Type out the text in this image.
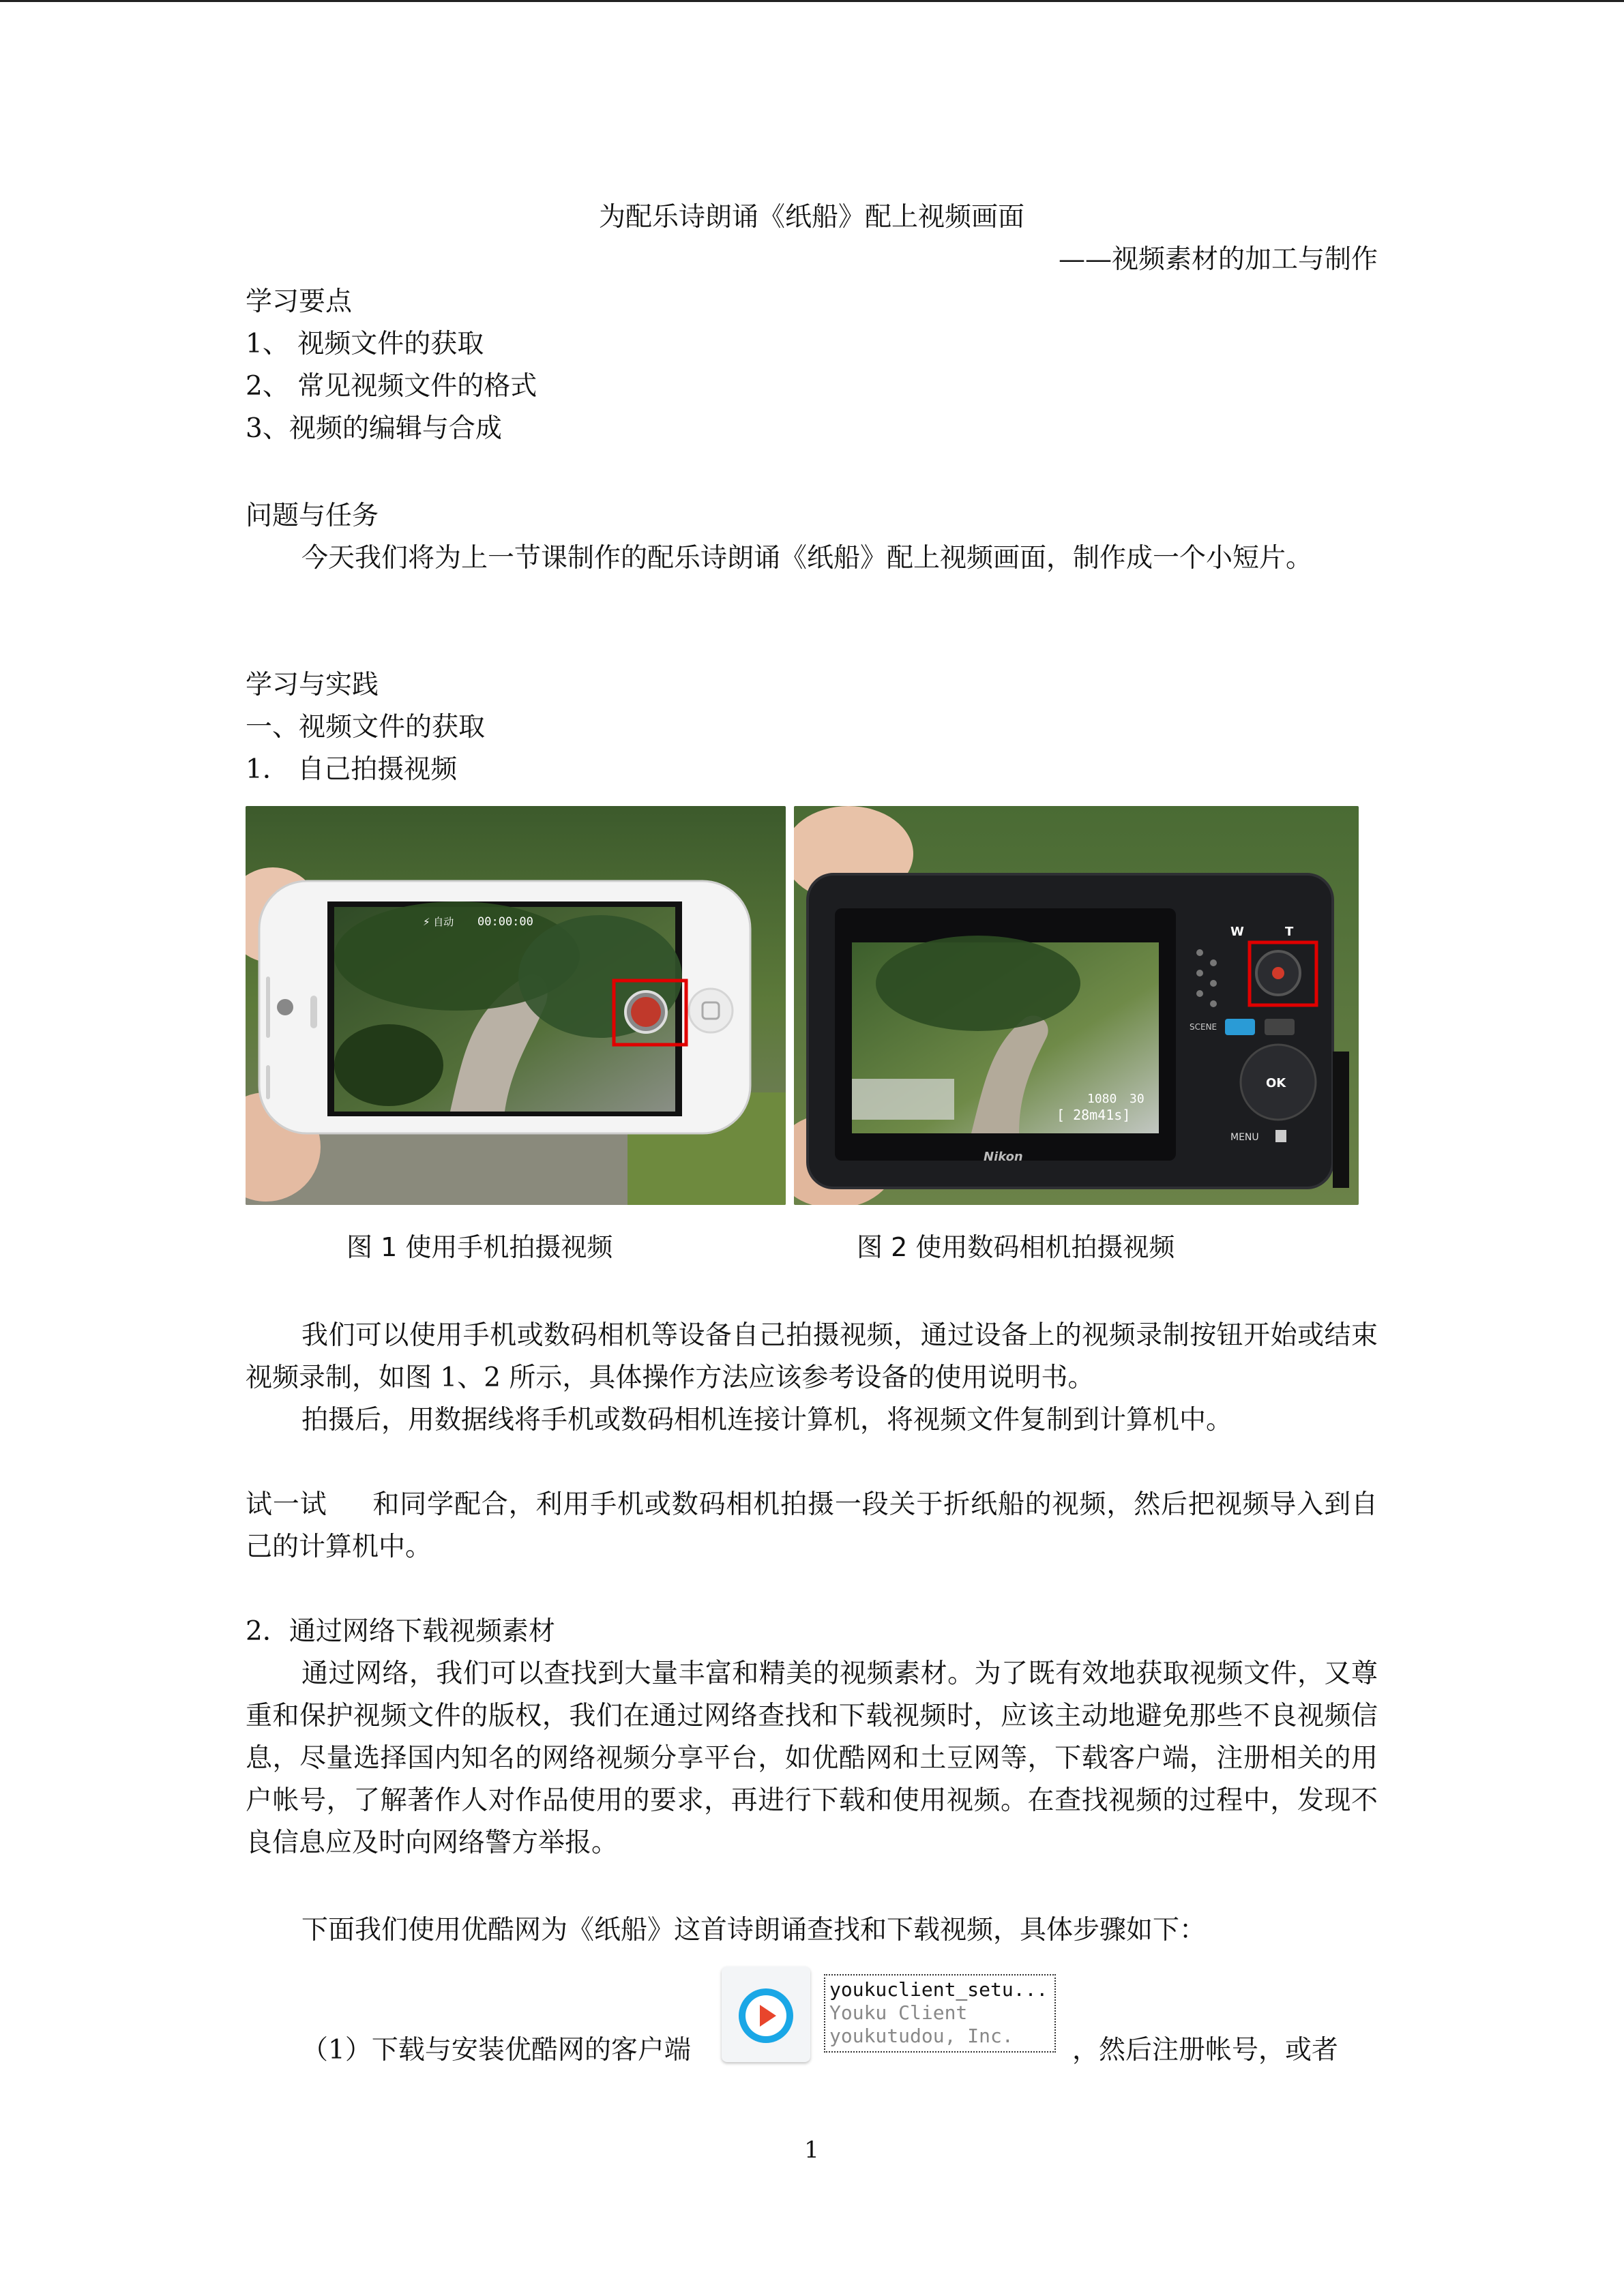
为配乐诗朗诵《纸船》配上视频画面
——视频素材的加工与制作
学习要点
1、 视频文件的获取
2、 常见视频文件的格式
3、视频的编辑与合成
问题与任务
今天我们将为上一节课制作的配乐诗朗诵《纸船》配上视频画面，制作成一个小短片。
学习与实践
一、视频文件的获取
1． 自己拍摄视频
⚡ 自动 00:00:00
1080 30
[ 28m41s]
Nikon
W	T
SCENE
OK
MENU
图 1 使用手机拍摄视频	图 2 使用数码相机拍摄视频
我们可以使用手机或数码相机等设备自己拍摄视频，通过设备上的视频录制按钮开始或结束视频录制，如图 1、2 所示，具体操作方法应该参考设备的使用说明书。
拍摄后，用数据线将手机或数码相机连接计算机，将视频文件复制到计算机中。
试一试 和同学配合，利用手机或数码相机拍摄一段关于折纸船的视频，然后把视频导入到自己的计算机中。
2．通过网络下载视频素材
通过网络，我们可以查找到大量丰富和精美的视频素材。为了既有效地获取视频文件，又尊重和保护视频文件的版权，我们在通过网络查找和下载视频时，应该主动地避免那些不良视频信息，尽量选择国内知名的网络视频分享平台，如优酷网和土豆网等，下载客户端，注册相关的用户帐号，了解著作人对作品使用的要求，再进行下载和使用视频。在查找视频的过程中，发现不良信息应及时向网络警方举报。
下面我们使用优酷网为《纸船》这首诗朗诵查找和下载视频，具体步骤如下：
（1）下载与安装优酷网的客户端
youkuclient_setu...
Youku Client
youkutudou, Inc.	，然后注册帐号，或者
1
